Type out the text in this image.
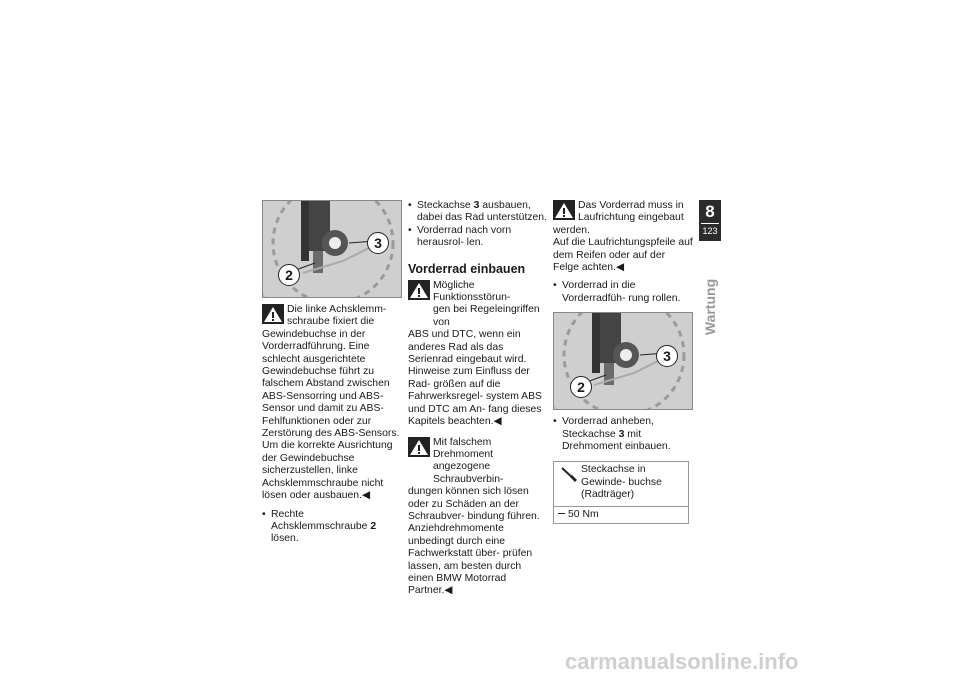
3
2

Die linke Achsklemm-

schraube fixiert die

Gewindebuchse in der Vorderradführung. Eine schlecht ausgerichtete Gewindebuchse führt zu falschem Abstand zwischen ABS-Sensorring und ABS-Sensor und damit zu ABS-Fehlfunktionen oder zur Zerstörung des ABS-Sensors. Um die korrekte Ausrichtung der Gewindebuchse sicherzustellen, linke Achsklemmschraube nicht lösen oder ausbauen.◀

• Rechte Achsklemmschraube 2 lösen.
• Steckachse 3 ausbauen, dabei das Rad unterstützen.
• Vorderrad nach vorn herausrol- len.
Vorderrad einbauen

Mögliche Funktionsstörun-

gen bei Regeleingriffen von

ABS und DTC, wenn ein anderes Rad als das Serienrad eingebaut wird.

Hinweise zum Einfluss der Rad- größen auf die Fahrwerksregel- system ABS und DTC am An- fang dieses Kapitels beachten.◀

Mit falschem Drehmoment

angezogene Schraubverbin-

dungen können sich lösen oder zu Schäden an der Schraubver- bindung führen.

Anziehdrehmomente unbedingt durch eine Fachwerkstatt über- prüfen lassen, am besten durch einen BMW Motorrad Partner.◀

Das Vorderrad muss in

Laufrichtung eingebaut

werden.

Auf die Laufrichtungspfeile auf dem Reifen oder auf der Felge achten.◀

• Vorderrad in die Vorderradfüh- rung rollen.
3
2
• Vorderrad anheben, Steckachse 3 mit Drehmoment einbauen.
Steckachse in Gewinde- buchse (Radträger)
50 Nm
8
123
Wartung
carmanualsonline.info
